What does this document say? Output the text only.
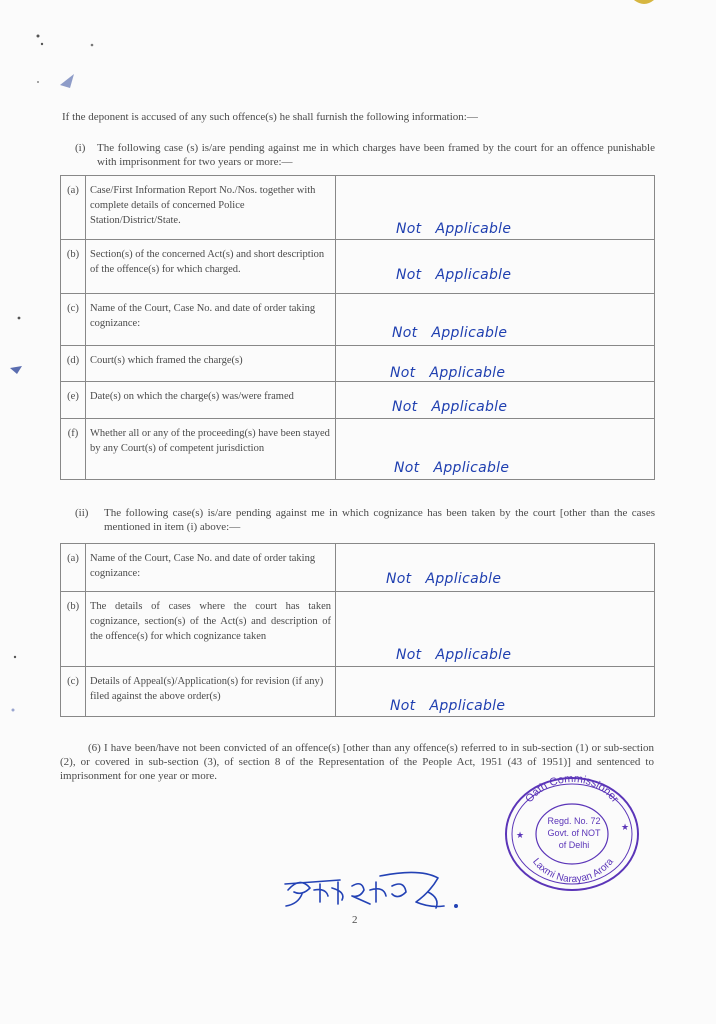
If the deponent is accused of any such offence(s) he shall furnish the following information:—
(i) The following case (s) is/are pending against me in which charges have been framed by the court for an offence punishable with imprisonment for two years or more:—
(a)	Case/First Information Report No./Nos. together with complete details of concerned Police Station/District/State.	Not Applicable

(b)	Section(s) of the concerned Act(s) and short description of the offence(s) for which charged.	Not Applicable

(c)	Name of the Court, Case No. and date of order taking cognizance:	Not Applicable

(d)	Court(s) which framed the charge(s)	Not Applicable

(e)	Date(s) on which the charge(s) was/were framed	Not Applicable

(f)	Whether all or any of the proceeding(s) have been stayed by any Court(s) of competent jurisdiction	Not Applicable
(ii) The following case(s) is/are pending against me in which cognizance has been taken by the court [other than the cases mentioned in item (i) above:—
(a)	Name of the Court, Case No. and date of order taking cognizance:	Not Applicable

(b)	The details of cases where the court has taken cognizance, section(s) of the Act(s) and description of the offence(s) for which cognizance taken	Not Applicable

(c)	Details of Appeal(s)/Application(s) for revision (if any) filed against the above order(s)	Not Applicable
(6) I have been/have not been convicted of an offence(s) [other than any offence(s) referred to in sub-section (1) or sub-section (2), or covered in sub-section (3), of section 8 of the Representation of the People Act, 1951 (43 of 1951)] and sentenced to imprisonment for one year or more.
Oath Commissioner
Laxmi Narayan Arora
★
★
Regd. No. 72
Govt. of NOT
of Delhi
2
